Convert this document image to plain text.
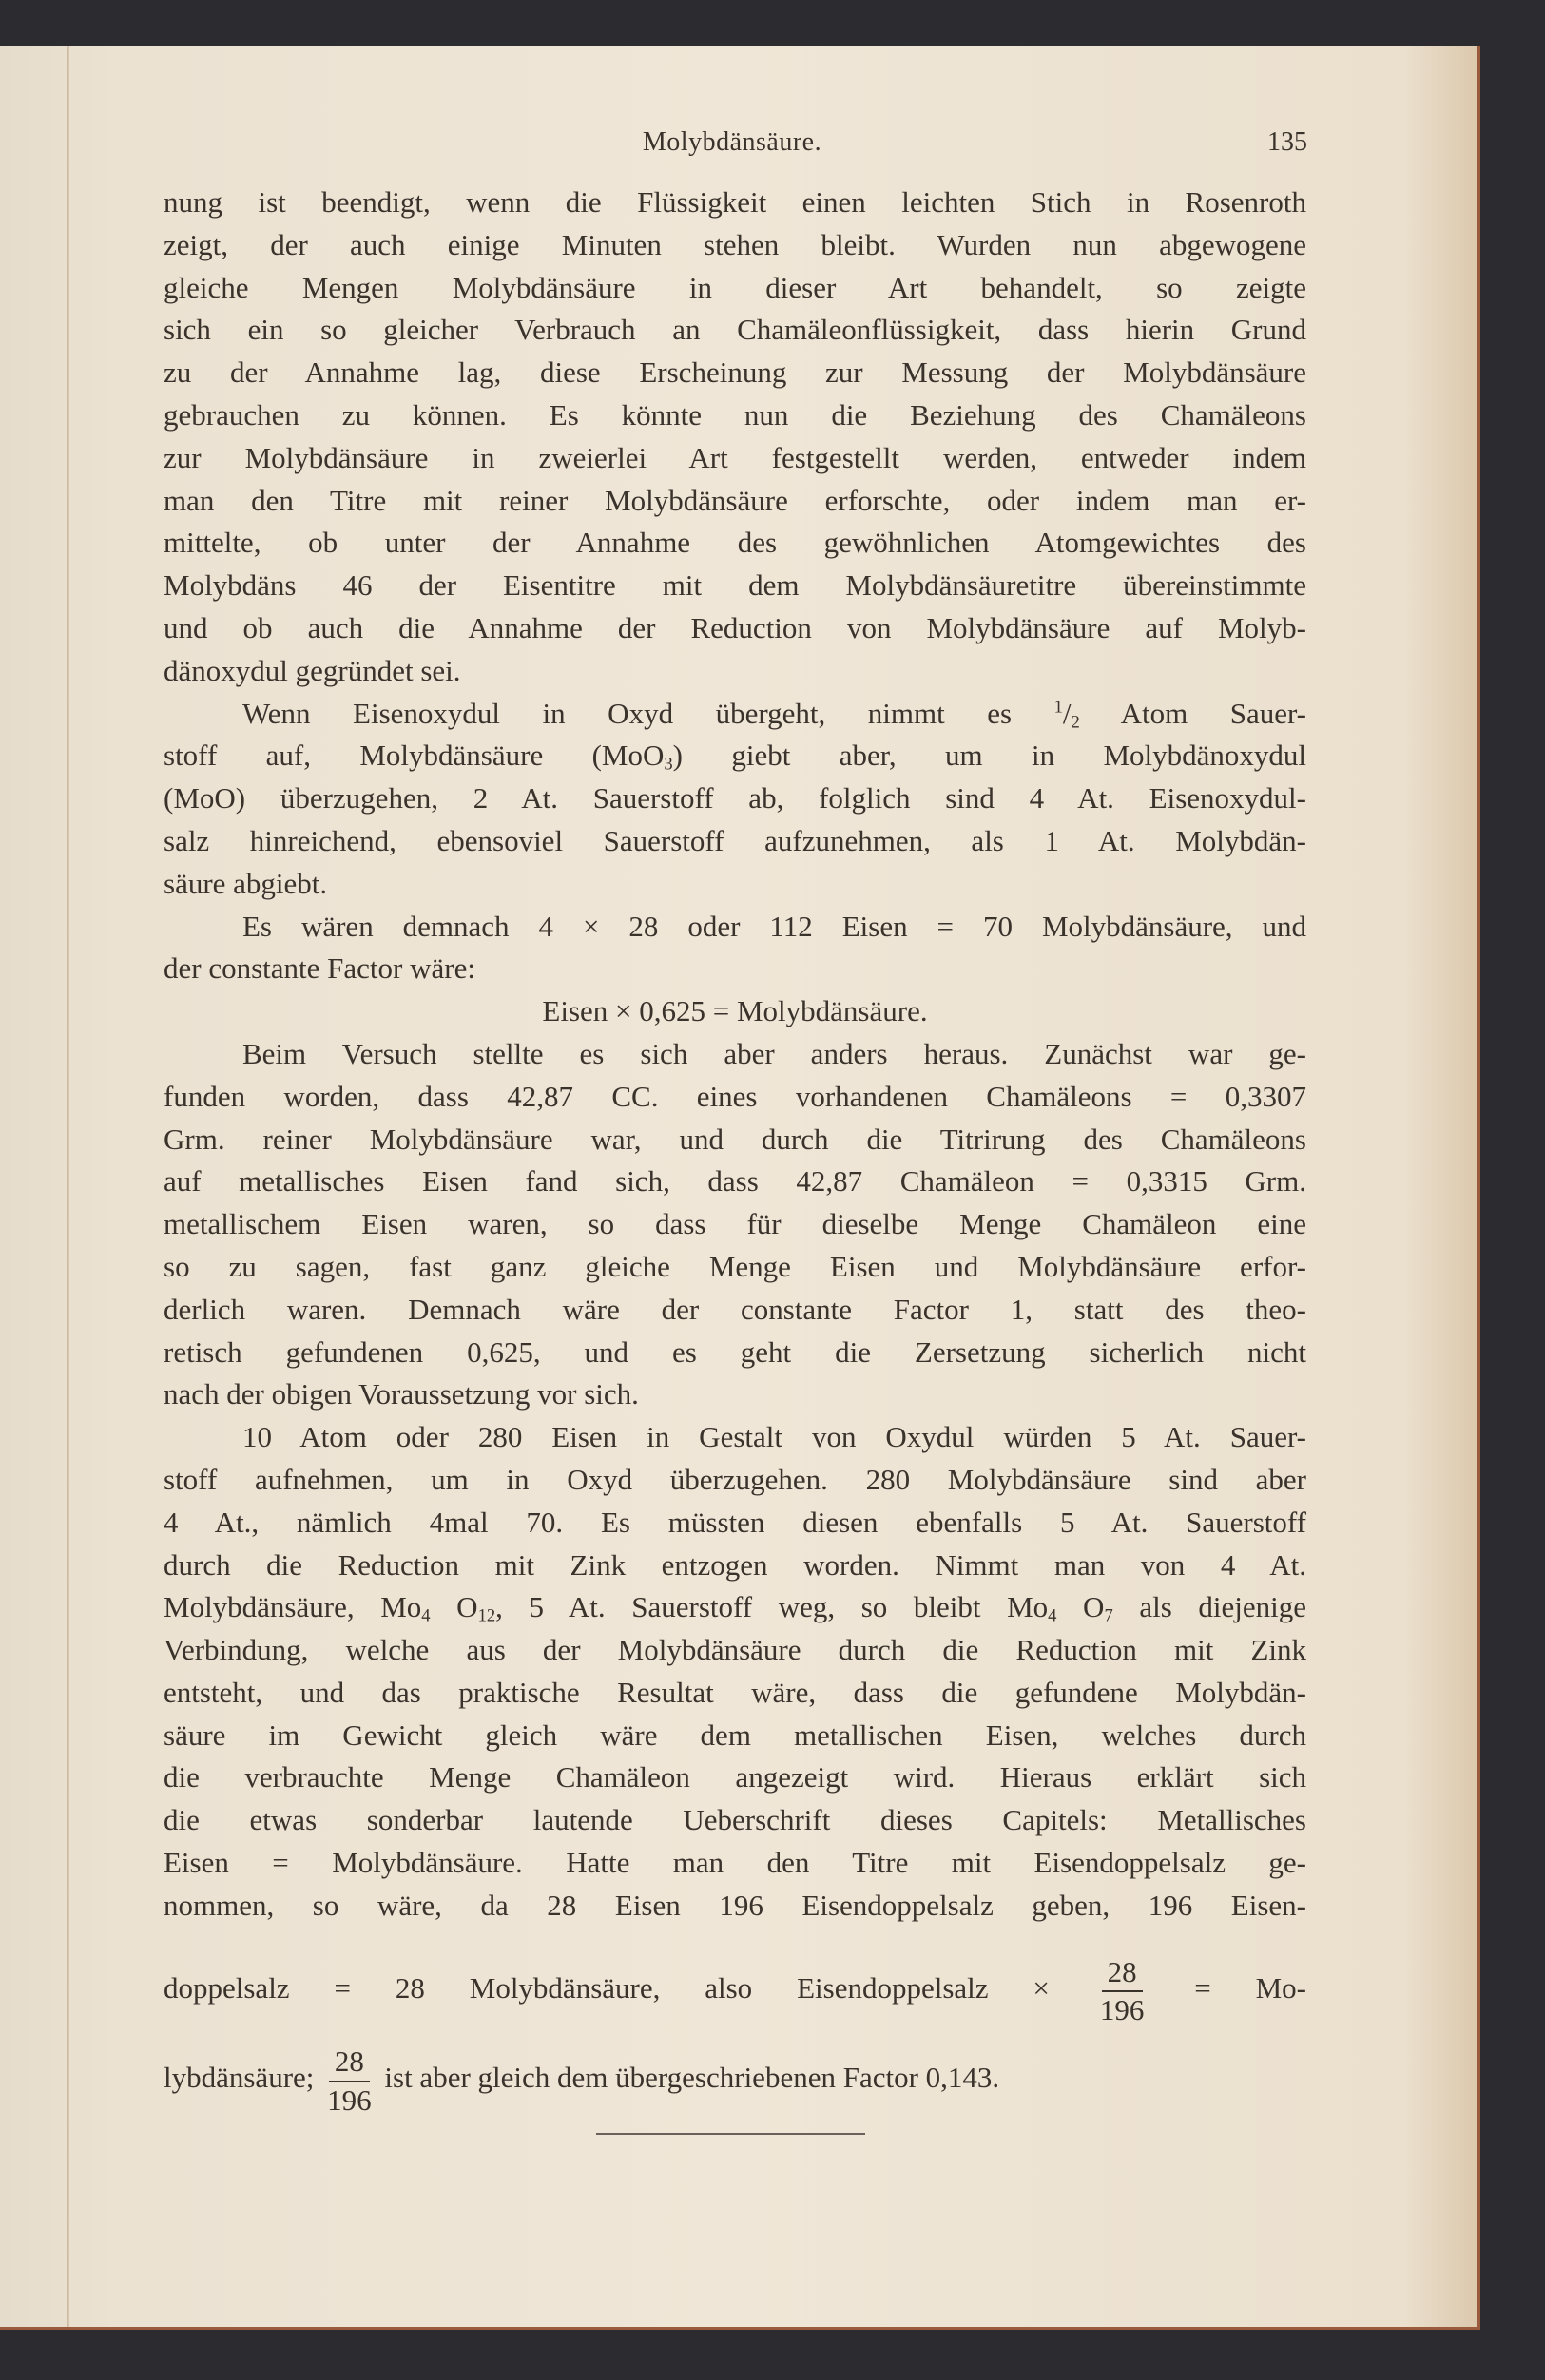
Molybdänsäure.	135
nung ist beendigt, wenn die Flüssigkeit einen leichten Stich in Rosenroth
zeigt, der auch einige Minuten stehen bleibt. Wurden nun abgewogene
gleiche Mengen Molybdänsäure in dieser Art behandelt, so zeigte
sich ein so gleicher Verbrauch an Chamäleonflüssigkeit, dass hierin Grund
zu der Annahme lag, diese Erscheinung zur Messung der Molybdänsäure
gebrauchen zu können. Es könnte nun die Beziehung des Chamäleons
zur Molybdänsäure in zweierlei Art festgestellt werden, entweder indem
man den Titre mit reiner Molybdänsäure erforschte, oder indem man er-
mittelte, ob unter der Annahme des gewöhnlichen Atomgewichtes des
Molybdäns 46 der Eisentitre mit dem Molybdänsäuretitre übereinstimmte
und ob auch die Annahme der Reduction von Molybdänsäure auf Molyb-
dänoxydul gegründet sei.
Wenn Eisenoxydul in Oxyd übergeht, nimmt es $^1/_2$ Atom Sauer-
stoff auf, Molybdänsäure (MoO$_3$) giebt aber, um in Molybdänoxydul
(MoO) überzugehen, 2 At. Sauerstoff ab, folglich sind 4 At. Eisenoxydul-
salz hinreichend, ebensoviel Sauerstoff aufzunehmen, als 1 At. Molybdän-
säure abgiebt.
Es wären demnach 4 × 28 oder 112 Eisen = 70 Molybdänsäure, und
der constante Factor wäre:
Eisen × 0,625 = Molybdänsäure.
Beim Versuch stellte es sich aber anders heraus. Zunächst war ge-
funden worden, dass 42,87 CC. eines vorhandenen Chamäleons = 0,3307
Grm. reiner Molybdänsäure war, und durch die Titrirung des Chamäleons
auf metallisches Eisen fand sich, dass 42,87 Chamäleon = 0,3315 Grm.
metallischem Eisen waren, so dass für dieselbe Menge Chamäleon eine
so zu sagen, fast ganz gleiche Menge Eisen und Molybdänsäure erfor-
derlich waren. Demnach wäre der constante Factor 1, statt des theo-
retisch gefundenen 0,625, und es geht die Zersetzung sicherlich nicht
nach der obigen Voraussetzung vor sich.
10 Atom oder 280 Eisen in Gestalt von Oxydul würden 5 At. Sauer-
stoff aufnehmen, um in Oxyd überzugehen. 280 Molybdänsäure sind aber
4 At., nämlich 4mal 70. Es müssten diesen ebenfalls 5 At. Sauerstoff
durch die Reduction mit Zink entzogen worden. Nimmt man von 4 At.
Molybdänsäure, $Mo_4$ $O_{12}$, 5 At. Sauerstoff weg, so bleibt $Mo_4$ $O_7$ als diejenige
Verbindung, welche aus der Molybdänsäure durch die Reduction mit Zink
entsteht, und das praktische Resultat wäre, dass die gefundene Molybdän-
säure im Gewicht gleich wäre dem metallischen Eisen, welches durch
die verbrauchte Menge Chamäleon angezeigt wird. Hieraus erklärt sich
die etwas sonderbar lautende Ueberschrift dieses Capitels: Metallisches
Eisen = Molybdänsäure. Hatte man den Titre mit Eisendoppelsalz ge-
nommen, so wäre, da 28 Eisen 196 Eisendoppelsalz geben, 196 Eisen-
doppelsalz = 28 Molybdänsäure, also Eisendoppelsalz × $\frac{28}{196} = Mo-$
lybdänsäure; $\frac{28}{196}$ ist aber gleich dem übergeschriebenen Factor 0,143.
